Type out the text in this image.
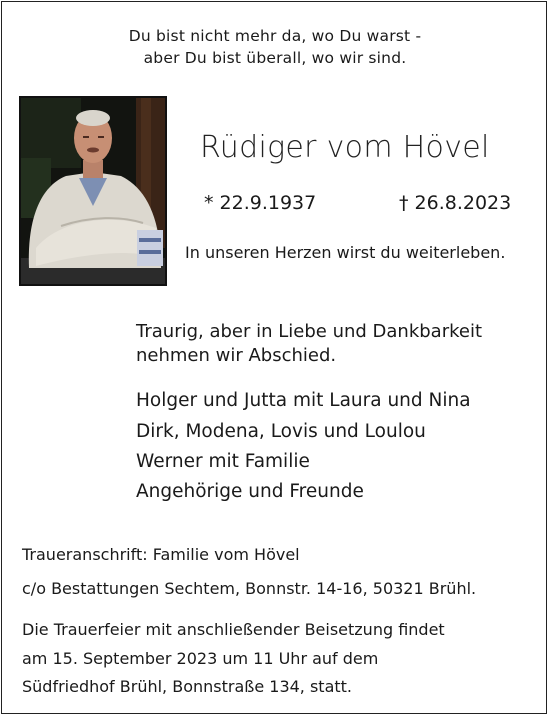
Du bist nicht mehr da, wo Du warst -
aber Du bist überall, wo wir sind.
Rüdiger vom Hövel
* 22.9.1937	† 26.8.2023
In unseren Herzen wirst du weiterleben.
Traurig, aber in Liebe und Dankbarkeit
nehmen wir Abschied.
Holger und Jutta mit Laura und Nina
Dirk, Modena, Lovis und Loulou
Werner mit Familie
Angehörige und Freunde
Traueranschrift: Familie vom Hövel
c/o Bestattungen Sechtem, Bonnstr. 14-16, 50321 Brühl.
Die Trauerfeier mit anschließender Beisetzung findet
am 15. September 2023 um 11 Uhr auf dem
Südfriedhof Brühl, Bonnstraße 134, statt.
